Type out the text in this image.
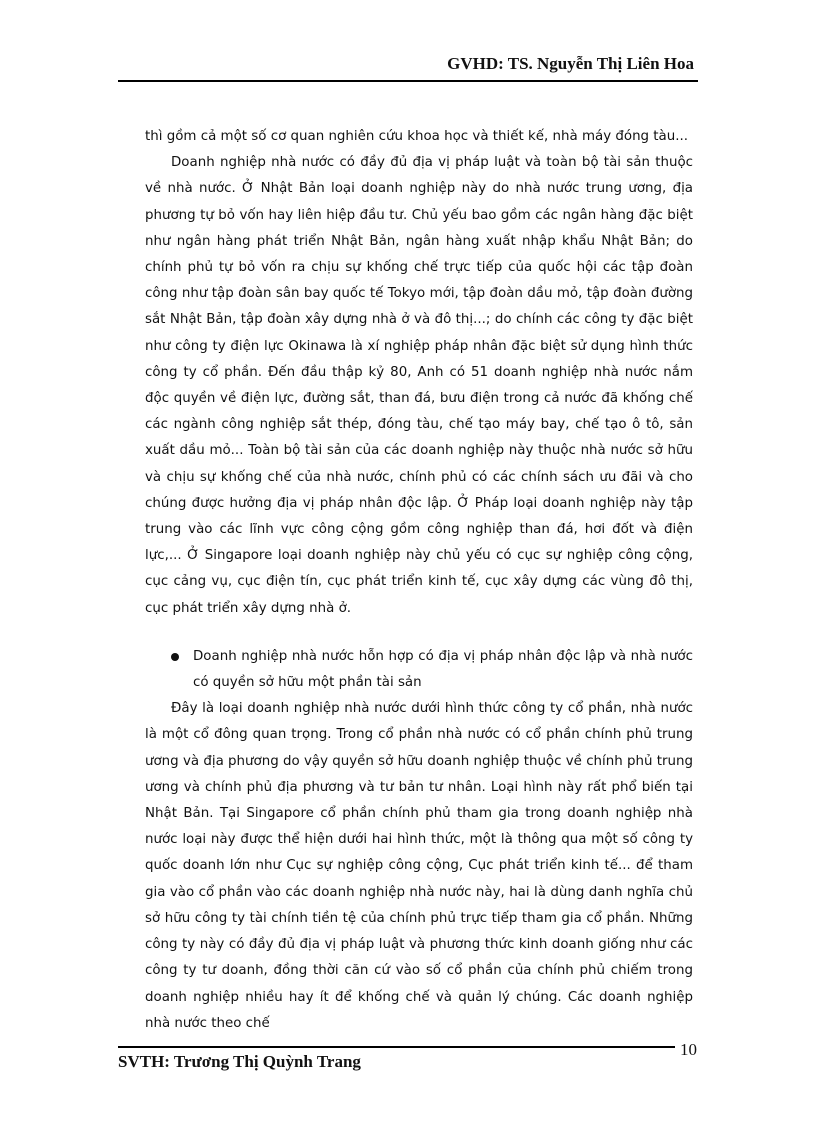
GVHD: TS. Nguyễn Thị Liên Hoa

thì gồm cả một số cơ quan nghiên cứu khoa học và thiết kế, nhà máy đóng tàu...

Doanh nghiệp nhà nước có đầy đủ địa vị pháp luật và toàn bộ tài sản thuộc về nhà nước. Ở Nhật Bản loại doanh nghiệp này do nhà nước trung ương, địa phương tự bỏ vốn hay liên hiệp đầu tư. Chủ yếu bao gồm các ngân hàng đặc biệt như ngân hàng phát triển Nhật Bản, ngân hàng xuất nhập khẩu Nhật Bản; do chính phủ tự bỏ vốn ra chịu sự khống chế trực tiếp của quốc hội các tập đoàn công như tập đoàn sân bay quốc tế Tokyo mới, tập đoàn dầu mỏ, tập đoàn đường sắt Nhật Bản, tập đoàn xây dựng nhà ở và đô thị...; do chính các công ty đặc biệt như công ty điện lực Okinawa là xí nghiệp pháp nhân đặc biệt sử dụng hình thức công ty cổ phần. Đến đầu thập kỷ 80, Anh có 51 doanh nghiệp nhà nước nắm độc quyền về điện lực, đường sắt, than đá, bưu điện trong cả nước đã khống chế các ngành công nghiệp sắt thép, đóng tàu, chế tạo máy bay, chế tạo ô tô, sản xuất dầu mỏ... Toàn bộ tài sản của các doanh nghiệp này thuộc nhà nước sở hữu và chịu sự khống chế của nhà nước, chính phủ có các chính sách ưu đãi và cho chúng được hưởng địa vị pháp nhân độc lập. Ở Pháp loại doanh nghiệp này tập trung vào các lĩnh vực công cộng gồm công nghiệp than đá, hơi đốt và điện lực,... Ở Singapore loại doanh nghiệp này chủ yếu có cục sự nghiệp công cộng, cục cảng vụ, cục điện tín, cục phát triển kinh tế, cục xây dựng các vùng đô thị, cục phát triển xây dựng nhà ở.

Doanh nghiệp nhà nước hỗn hợp có địa vị pháp nhân độc lập và nhà nước có quyền sở hữu một phần tài sản

Đây là loại doanh nghiệp nhà nước dưới hình thức công ty cổ phần, nhà nước là một cổ đông quan trọng. Trong cổ phần nhà nước có cổ phần chính phủ trung ương và địa phương do vậy quyền sở hữu doanh nghiệp thuộc về chính phủ trung ương và chính phủ địa phương và tư bản tư nhân. Loại hình này rất phổ biến tại Nhật Bản. Tại Singapore cổ phần chính phủ tham gia trong doanh nghiệp nhà nước loại này được thể hiện dưới hai hình thức, một là thông qua một số công ty quốc doanh lớn như Cục sự nghiệp công cộng, Cục phát triển kinh tế... để tham gia vào cổ phần vào các doanh nghiệp nhà nước này, hai là dùng danh nghĩa chủ sở hữu công ty tài chính tiền tệ của chính phủ trực tiếp tham gia cổ phần. Những công ty này có đầy đủ địa vị pháp luật và phương thức kinh doanh giống như các công ty tư doanh, đồng thời căn cứ vào số cổ phần của chính phủ chiếm trong doanh nghiệp nhiều hay ít để khống chế và quản lý chúng. Các doanh nghiệp nhà nước theo chế

10
SVTH: Trương Thị Quỳnh Trang
